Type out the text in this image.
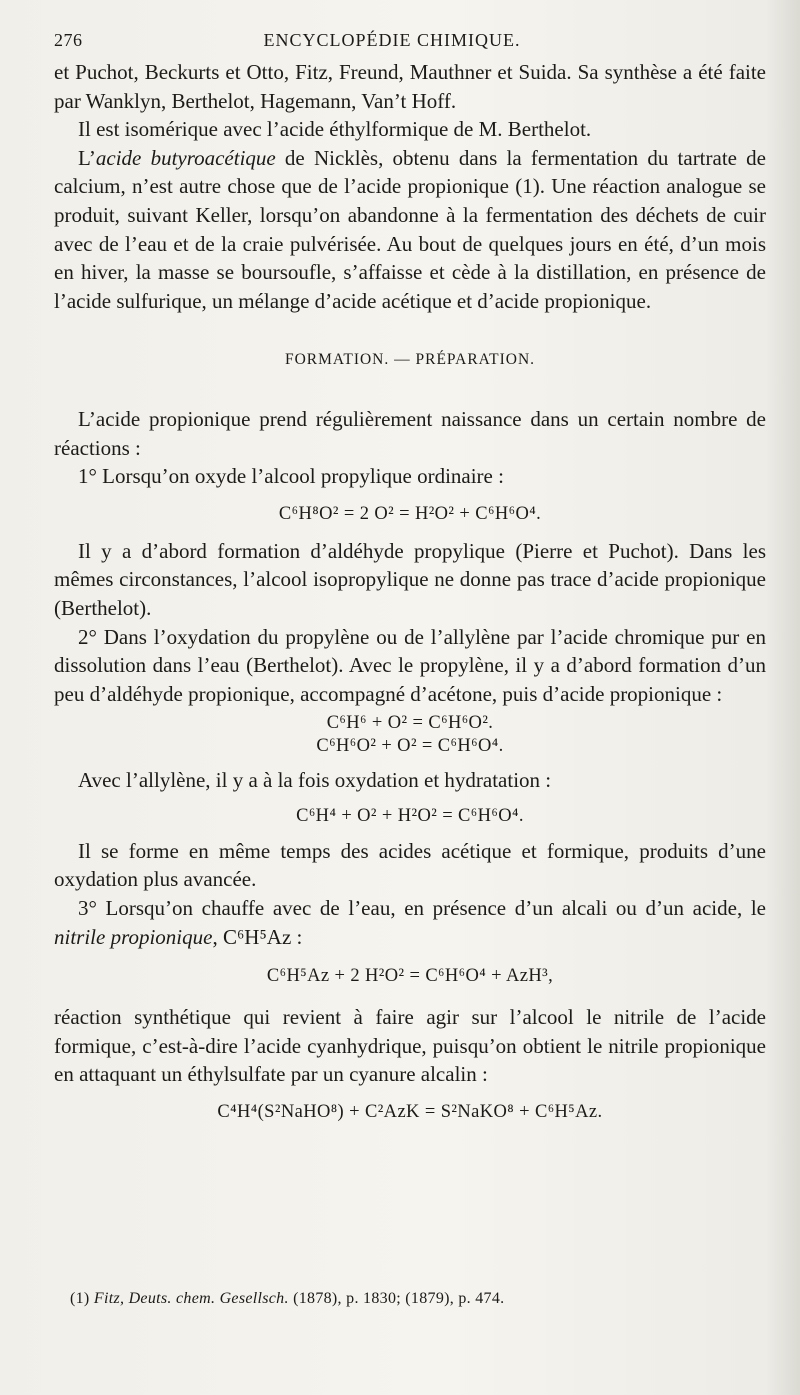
276	ENCYCLOPÉDIE CHIMIQUE.

et Puchot, Beckurts et Otto, Fitz, Freund, Mauthner et Suida. Sa synthèse a été faite par Wanklyn, Berthelot, Hagemann, Van’t Hoff.

Il est isomérique avec l’acide éthylformique de M. Berthelot.

L’acide butyroacétique de Nicklès, obtenu dans la fermentation du tartrate de calcium, n’est autre chose que de l’acide propionique (1). Une réaction analogue se produit, suivant Keller, lorsqu’on abandonne à la fermentation des déchets de cuir avec de l’eau et de la craie pulvérisée. Au bout de quelques jours en été, d’un mois en hiver, la masse se boursoufle, s’affaisse et cède à la distillation, en présence de l’acide sulfurique, un mélange d’acide acétique et d’acide propionique.

FORMATION. — PRÉPARATION.

L’acide propionique prend régulièrement naissance dans un certain nombre de réactions :

1° Lorsqu’on oxyde l’alcool propylique ordinaire :

C⁶H⁸O² = 2 O² = H²O² + C⁶H⁶O⁴.

Il y a d’abord formation d’aldéhyde propylique (Pierre et Puchot). Dans les mêmes circonstances, l’alcool isopropylique ne donne pas trace d’acide propionique (Berthelot).

2° Dans l’oxydation du propylène ou de l’allylène par l’acide chromique pur en dissolution dans l’eau (Berthelot). Avec le propylène, il y a d’abord formation d’un peu d’aldéhyde propionique, accompagné d’acétone, puis d’acide propionique :

C⁶H⁶ + O² = C⁶H⁶O².
C⁶H⁶O² + O² = C⁶H⁶O⁴.

Avec l’allylène, il y a à la fois oxydation et hydratation :

C⁶H⁴ + O² + H²O² = C⁶H⁶O⁴.

Il se forme en même temps des acides acétique et formique, produits d’une oxydation plus avancée.

3° Lorsqu’on chauffe avec de l’eau, en présence d’un alcali ou d’un acide, le nitrile propionique, C⁶H⁵Az :

C⁶H⁵Az + 2 H²O² = C⁶H⁶O⁴ + AzH³,

réaction synthétique qui revient à faire agir sur l’alcool le nitrile de l’acide formique, c’est-à-dire l’acide cyanhydrique, puisqu’on obtient le nitrile propionique en attaquant un éthylsulfate par un cyanure alcalin :

C⁴H⁴(S²NaHO⁸) + C²AzK = S²NaKO⁸ + C⁶H⁵Az.
(1) Fitz, Deuts. chem. Gesellsch. (1878), p. 1830; (1879), p. 474.
